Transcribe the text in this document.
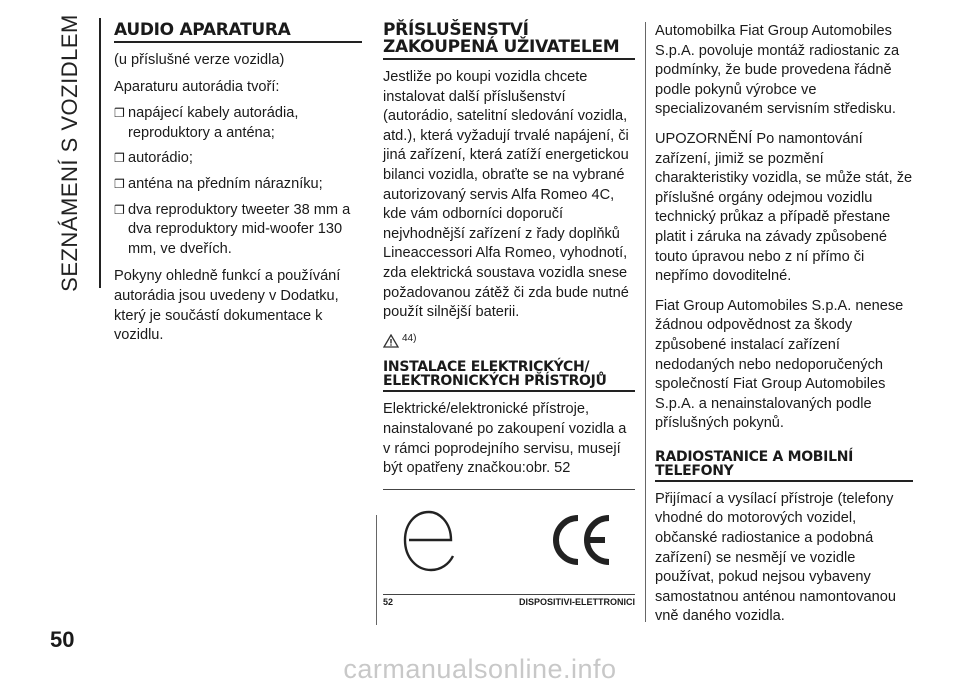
SEZNÁMENÍ S VOZIDLEM
50
AUDIO APARATURA

(u příslušné verze vozidla)

Aparaturu autorádia tvoří:

❒ napájecí kabely autorádia, reproduktory a anténa;
❒ autorádio;
❒ anténa na předním nárazníku;
❒ dva reproduktory tweeter 38 mm a dva reproduktory mid-woofer 130 mm, ve dveřích.

Pokyny ohledně funkcí a používání autorádia jsou uvedeny v Dodatku, který je součástí dokumentace k vozidlu.

PŘÍSLUŠENSTVÍ ZAKOUPENÁ UŽIVATELEM

Jestliže po koupi vozidla chcete instalovat další příslušenství (autorádio, satelitní sledování vozidla, atd.), která vyžadují trvalé napájení, či jiná zařízení, která zatíží energetickou bilanci vozidla, obraťte se na vybrané autorizovaný servis Alfa Romeo 4C, kde vám odborníci doporučí nejvhodnější zařízení z řady doplňků Lineaccessori Alfa Romeo, vyhodnotí, zda elektrická soustava vozidla snese požadovanou zátěž či zda bude nutné použít silnější baterii.

44)
INSTALACE ELEKTRICKÝCH/ ELEKTRONICKÝCH PŘÍSTROJŮ

Elektrické/elektronické přístroje, nainstalované po zakoupení vozidla a v rámci poprodejního servisu, musejí být opatřeny značkou:obr. 52

52	DISPOSITIVI-ELETTRONICI

Automobilka Fiat Group Automobiles S.p.A. povoluje montáž radiostanic za podmínky, že bude provedena řádně podle pokynů výrobce ve specializovaném servisním středisku.

UPOZORNĚNÍ Po namontování zařízení, jimiž se pozmění charakteristiky vozidla, se může stát, že příslušné orgány odejmou vozidlu technický průkaz a případě přestane platit i záruka na závady způsobené touto úpravou nebo z ní přímo či nepřímo dovoditelné.

Fiat Group Automobiles S.p.A. nenese žádnou odpovědnost za škody způsobené instalací zařízení nedodaných nebo nedoporučených společností Fiat Group Automobiles S.p.A. a nenainstalovaných podle příslušných pokynů.

RADIOSTANICE A MOBILNÍ TELEFONY

Přijímací a vysílací přístroje (telefony vhodné do motorových vozidel, občanské radiostanice a podobná zařízení) se nesmějí ve vozidle používat, pokud nejsou vybaveny samostatnou anténou namontovanou vně daného vozidla.

carmanualsonline.info
